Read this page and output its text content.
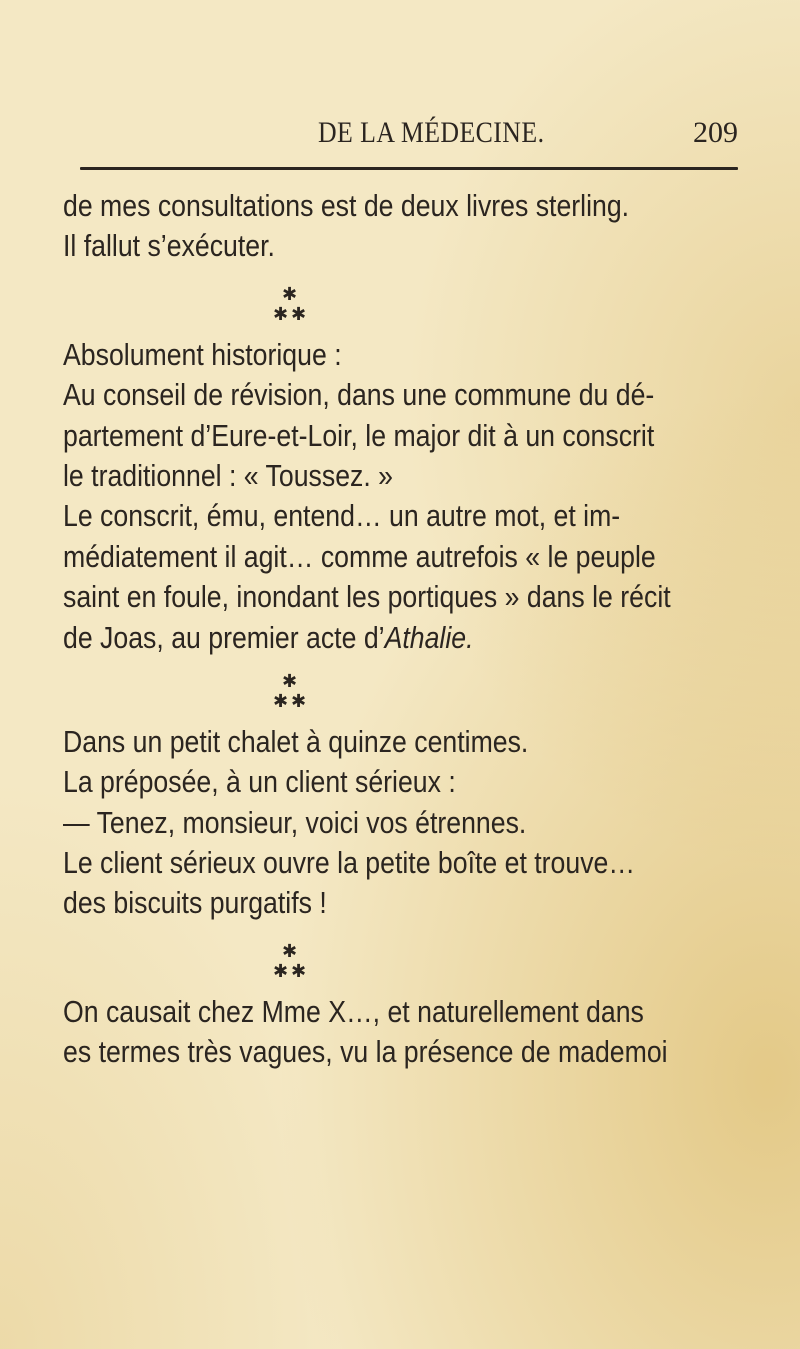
DE LA MÉDECINE.	209
de mes consultations est de deux livres sterling.
Il fallut s’exécuter.
✱
✱ ✱
Absolument historique :
Au conseil de révision, dans une commune du dé-
partement d’Eure-et-Loir, le major dit à un conscrit
le traditionnel : « Toussez. »
Le conscrit, ému, entend… un autre mot, et im-
médiatement il agit… comme autrefois « le peuple
saint en foule, inondant les portiques » dans le récit
de Joas, au premier acte d’Athalie.
✱
✱ ✱
Dans un petit chalet à quinze centimes.
La préposée, à un client sérieux :
— Tenez, monsieur, voici vos étrennes.
Le client sérieux ouvre la petite boîte et trouve…
des biscuits purgatifs !
✱
✱ ✱
On causait chez Mme X…, et naturellement dans
es termes très vagues, vu la présence de mademoi
